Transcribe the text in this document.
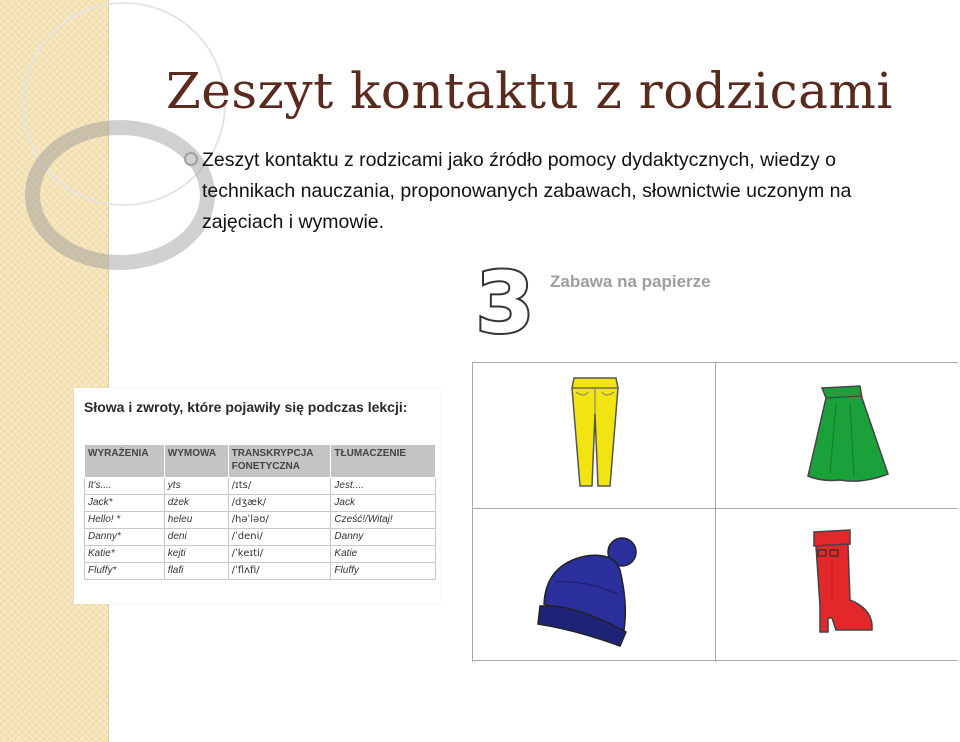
Zeszyt kontaktu z rodzicami

Zeszyt kontaktu z rodzicami jako źródło pomocy dydaktycznych, wiedzy o technikach nauczania, proponowanych zabawach, słownictwie uczonym na zajęciach i wymowie.

3 Zabawa na papierze

Słowa i zwroty, które pojawiły się podczas lekcji:

WYRAŻENIA	WYMOWA	TRANSKRYPCJA FONETYCZNA	TŁUMACZENIE
It's....	yts	/ɪts/	Jest....
Jack*	dżek	/dʒæk/	Jack
Hello! *	heleu	/həˈləʊ/	Cześć!/Witaj!
Danny*	deni	/ˈdeni/	Danny
Katie*	kejti	/ˈkeɪti/	Katie
Fluffy*	flafi	/ˈflʌfi/	Fluffy
